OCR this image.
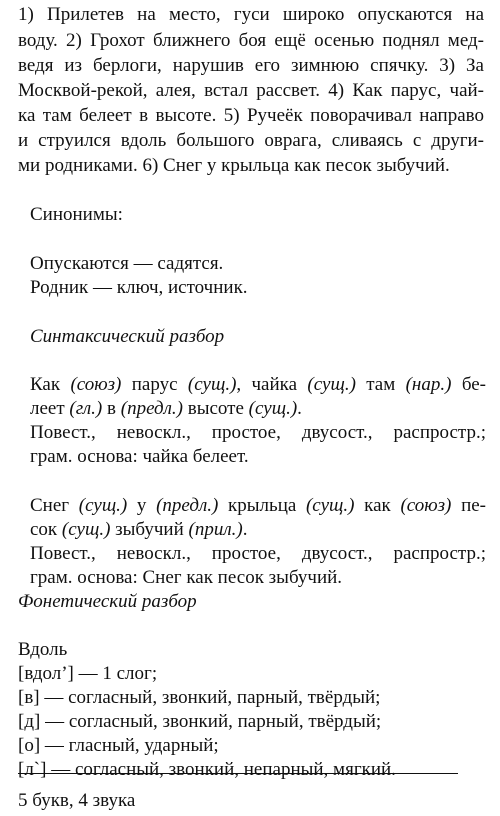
1) Прилетев на место, гуси широко опускаются на
воду. 2) Грохот ближнего боя ещё осенью поднял мед-
ведя из берлоги, нарушив его зимнюю спячку. 3) За
Москвой-рекой, алея, встал рассвет. 4) Как парус, чай-
ка там белеет в высоте. 5) Ручеёк поворачивал направо
и струился вдоль большого оврага, сливаясь с други-
ми родниками. 6) Снег у крыльца как песок зыбучий.
Синонимы:
Опускаются — садятся.
Родник — ключ, источник.
Синтаксический разбор
Как (союз) парус (сущ.), чайка (сущ.) там (нар.) бе-
леет (гл.) в (предл.) высоте (сущ.).
Повест., невоскл., простое, двусост., распростр.;
грам. основа: чайка белеет.
Снег (сущ.) у (предл.) крыльца (сущ.) как (союз) пе-
сок (сущ.) зыбучий (прил.).
Повест., невоскл., простое, двусост., распростр.;
грам. основа: Снег как песок зыбучий.
Фонетический разбор
Вдоль
[вдол’] — 1 слог;
[в] — согласный, звонкий, парный, твёрдый;
[д] — согласный, звонкий, парный, твёрдый;
[о] — гласный, ударный;
[л`] — согласный, звонкий, непарный, мягкий.
5 букв, 4 звука
